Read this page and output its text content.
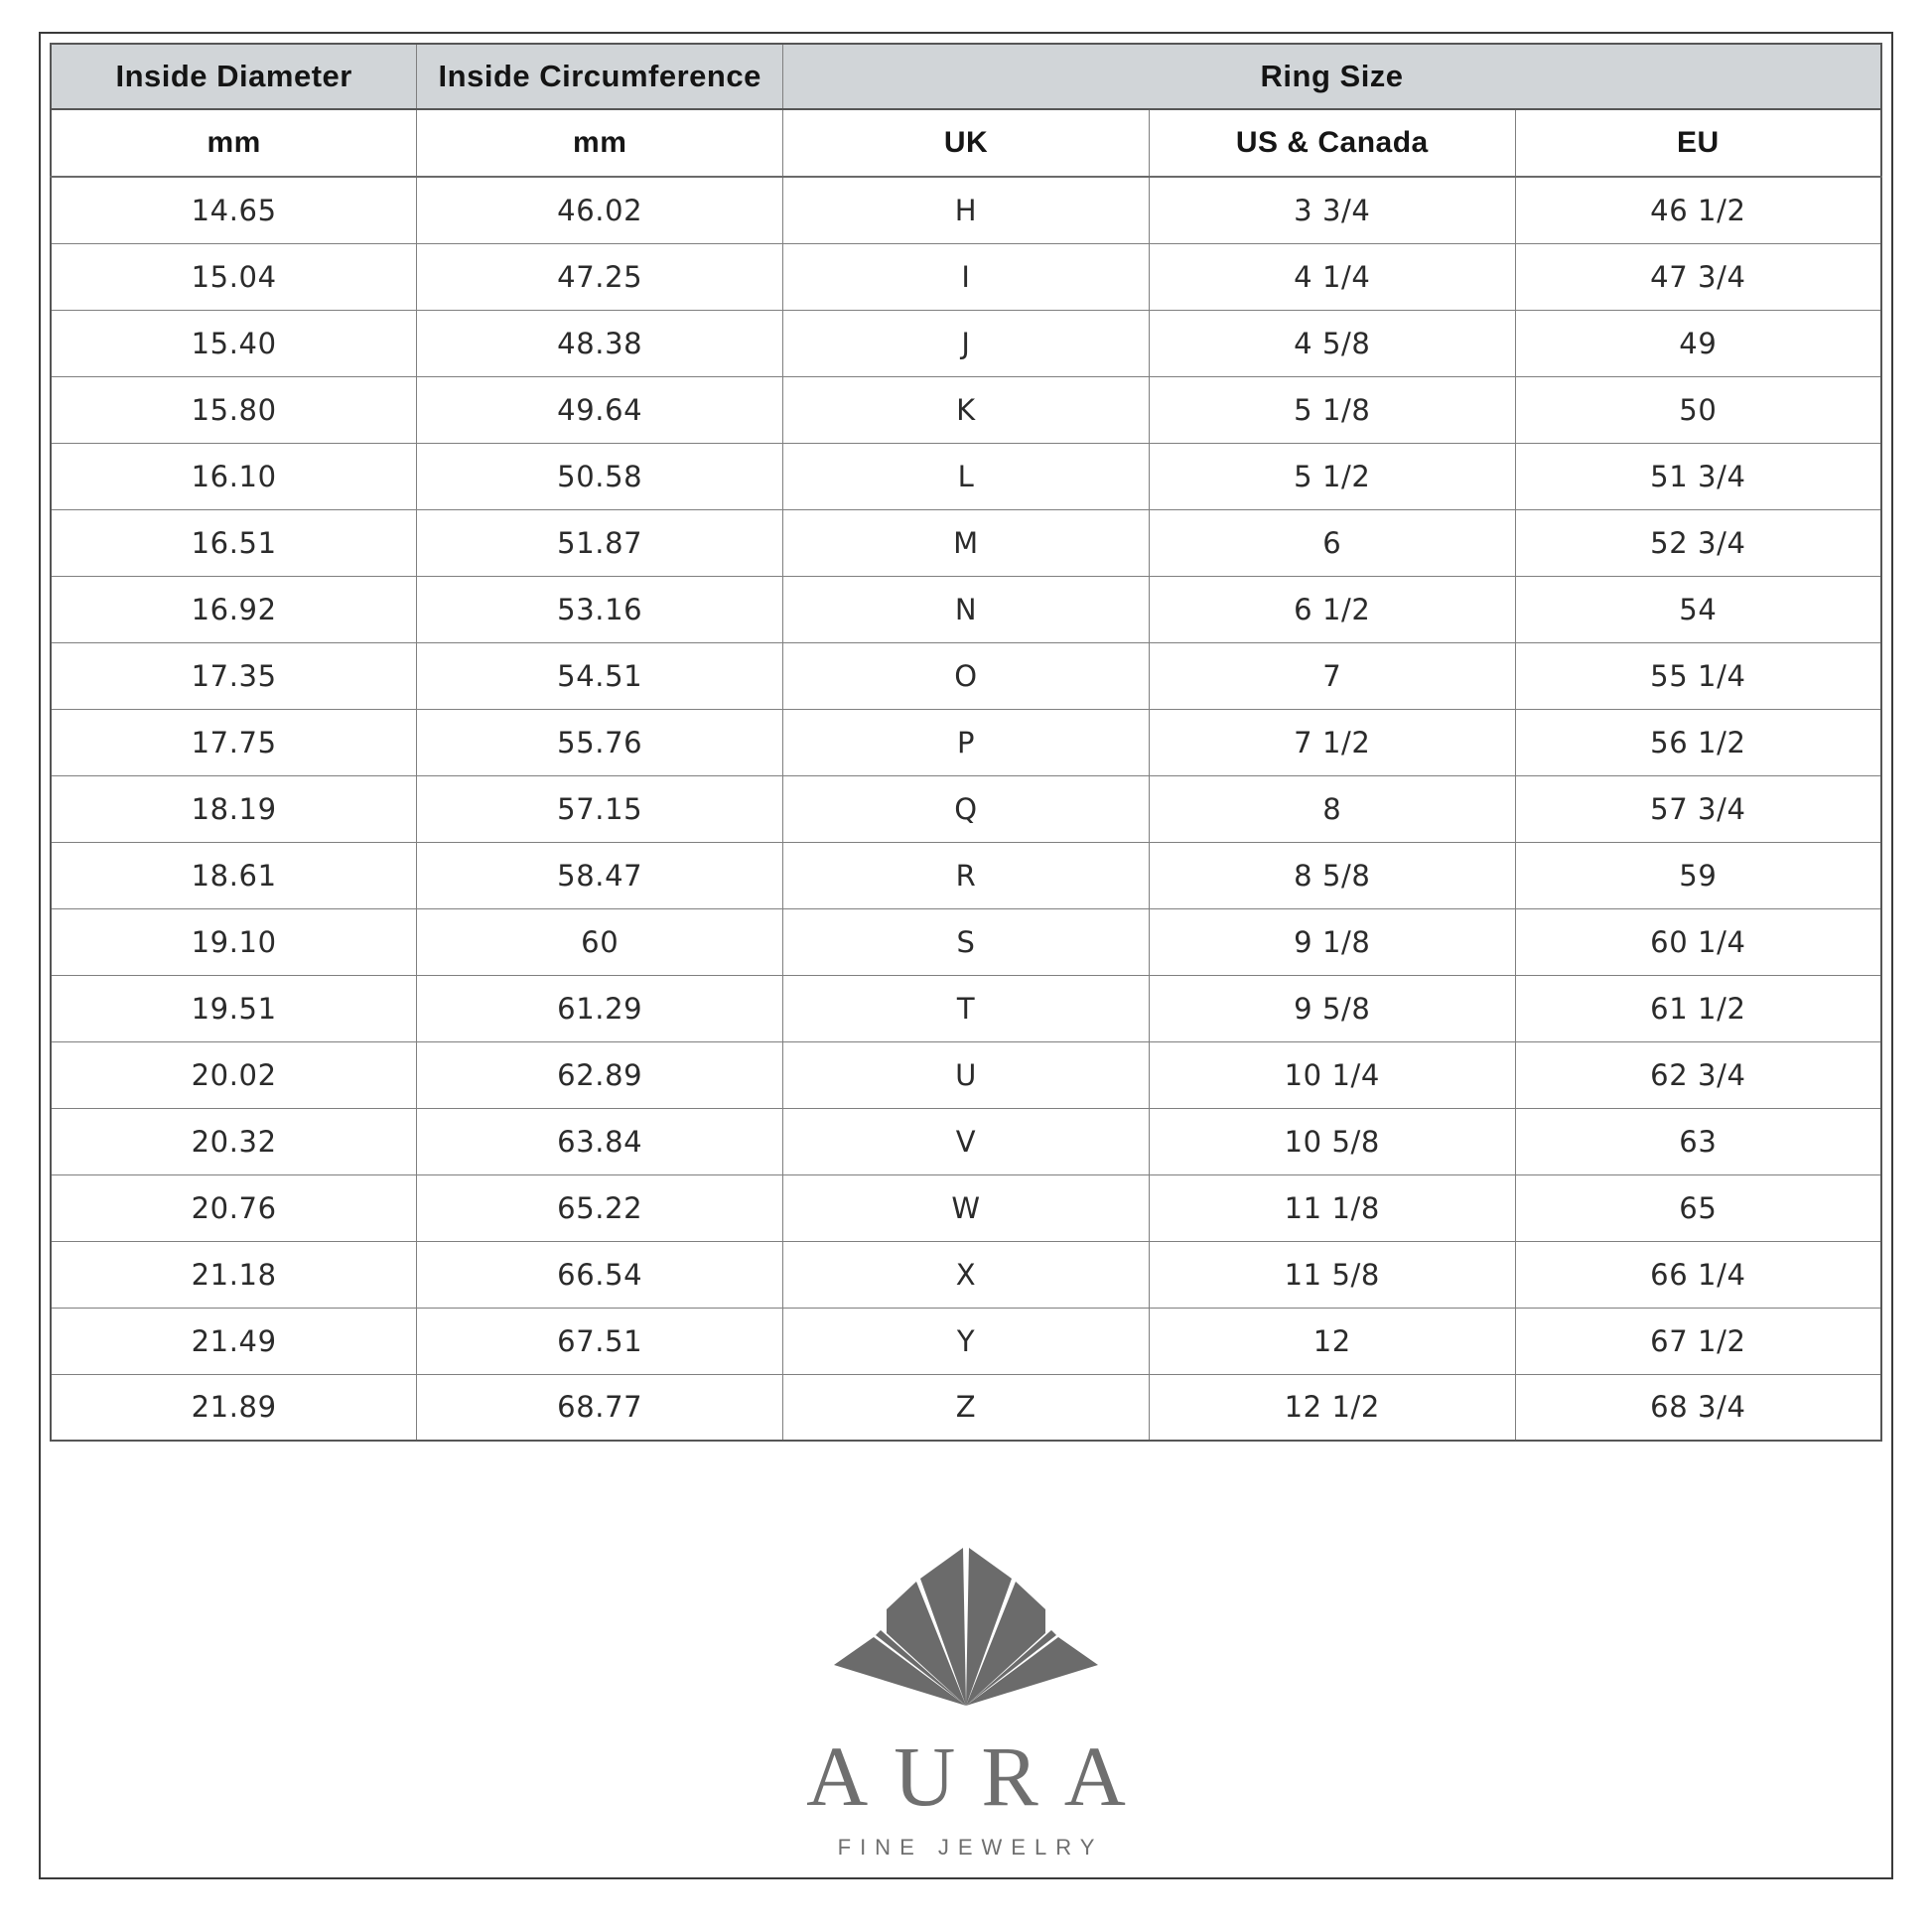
Inside Diameter	Inside Circumference	Ring Size		
mm	mm	UK	US & Canada	EU
14.65	46.02	H	3 3/4	46 1/2
15.04	47.25	I	4 1/4	47 3/4
15.40	48.38	J	4 5/8	49
15.80	49.64	K	5 1/8	50
16.10	50.58	L	5 1/2	51 3/4
16.51	51.87	M	6	52 3/4
16.92	53.16	N	6 1/2	54
17.35	54.51	O	7	55 1/4
17.75	55.76	P	7 1/2	56 1/2
18.19	57.15	Q	8	57 3/4
18.61	58.47	R	8 5/8	59
19.10	60	S	9 1/8	60 1/4
19.51	61.29	T	9 5/8	61 1/2
20.02	62.89	U	10 1/4	62 3/4
20.32	63.84	V	10 5/8	63
20.76	65.22	W	11 1/8	65
21.18	66.54	X	11 5/8	66 1/4
21.49	67.51	Y	12	67 1/2
21.89	68.77	Z	12 1/2	68 3/4
AURA
FINE JEWELRY
